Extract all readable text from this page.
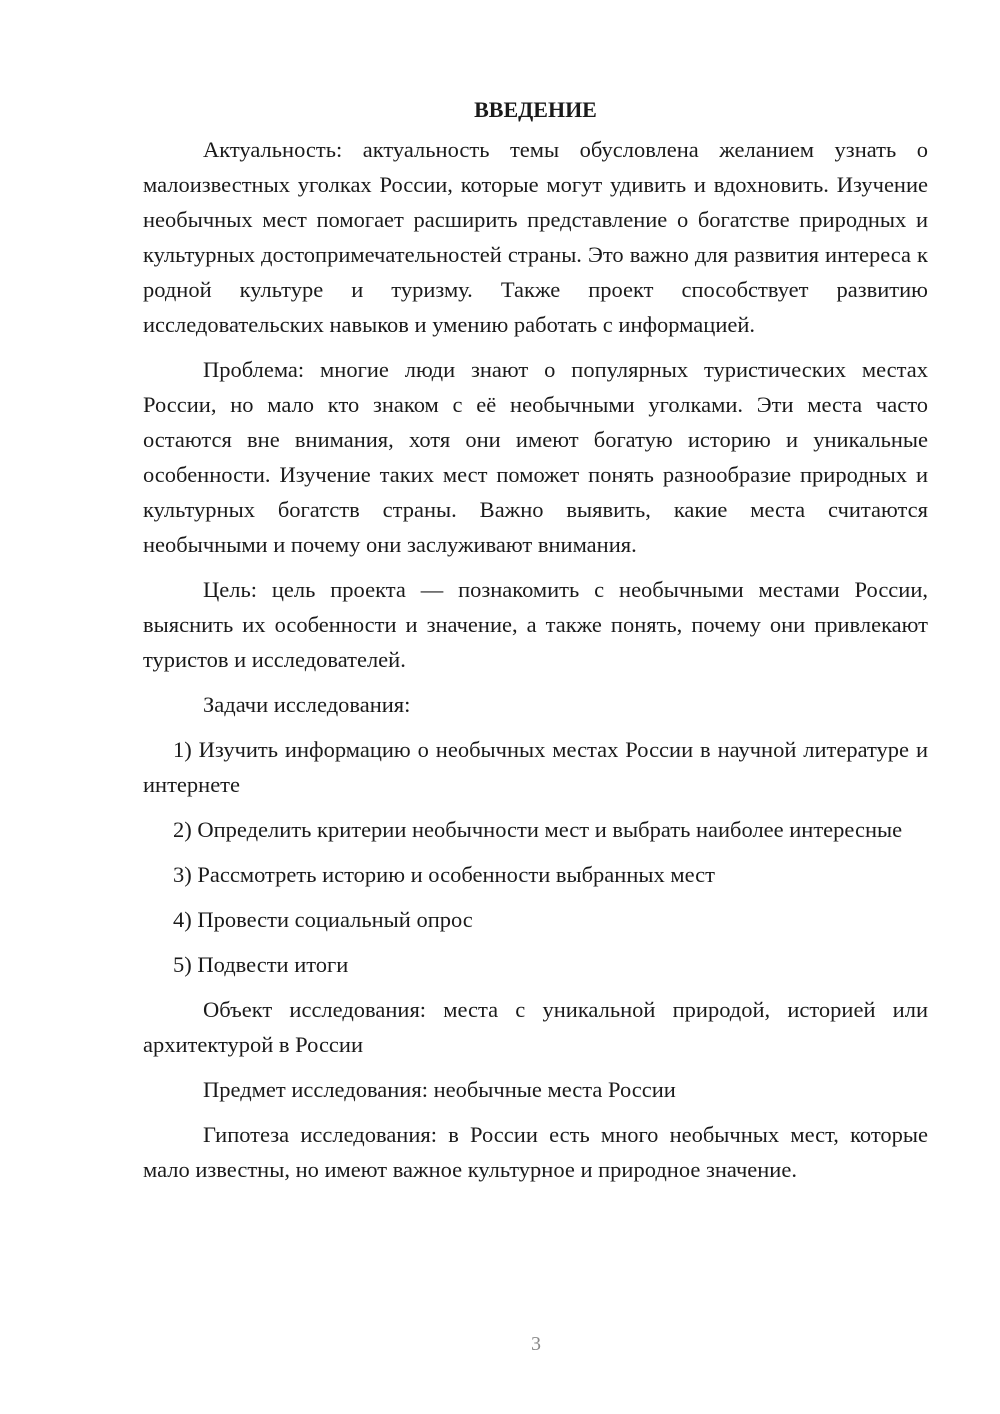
ВВЕДЕНИЕ

Актуальность: актуальность темы обусловлена желанием узнать о малоизвестных уголках России, которые могут удивить и вдохновить. Изучение необычных мест помогает расширить представление о богатстве природных и культурных достопримечательностей страны. Это важно для развития интереса к родной культуре и туризму. Также проект способствует развитию исследовательских навыков и умению работать с информацией.

Проблема: многие люди знают о популярных туристических местах России, но мало кто знаком с её необычными уголками. Эти места часто остаются вне внимания, хотя они имеют богатую историю и уникальные особенности. Изучение таких мест поможет понять разнообразие природных и культурных богатств страны. Важно выявить, какие места считаются необычными и почему они заслуживают внимания.

Цель: цель проекта — познакомить с необычными местами России, выяснить их особенности и значение, а также понять, почему они привлекают туристов и исследователей.

Задачи исследования:

1) Изучить информацию о необычных местах России в научной литературе и интернете

2) Определить критерии необычности мест и выбрать наиболее интересные

3) Рассмотреть историю и особенности выбранных мест

4) Провести социальный опрос

5) Подвести итоги

Объект исследования: места с уникальной природой, историей или архитектурой в России

Предмет исследования: необычные места России

Гипотеза исследования: в России есть много необычных мест, которые мало известны, но имеют важное культурное и природное значение.

3
